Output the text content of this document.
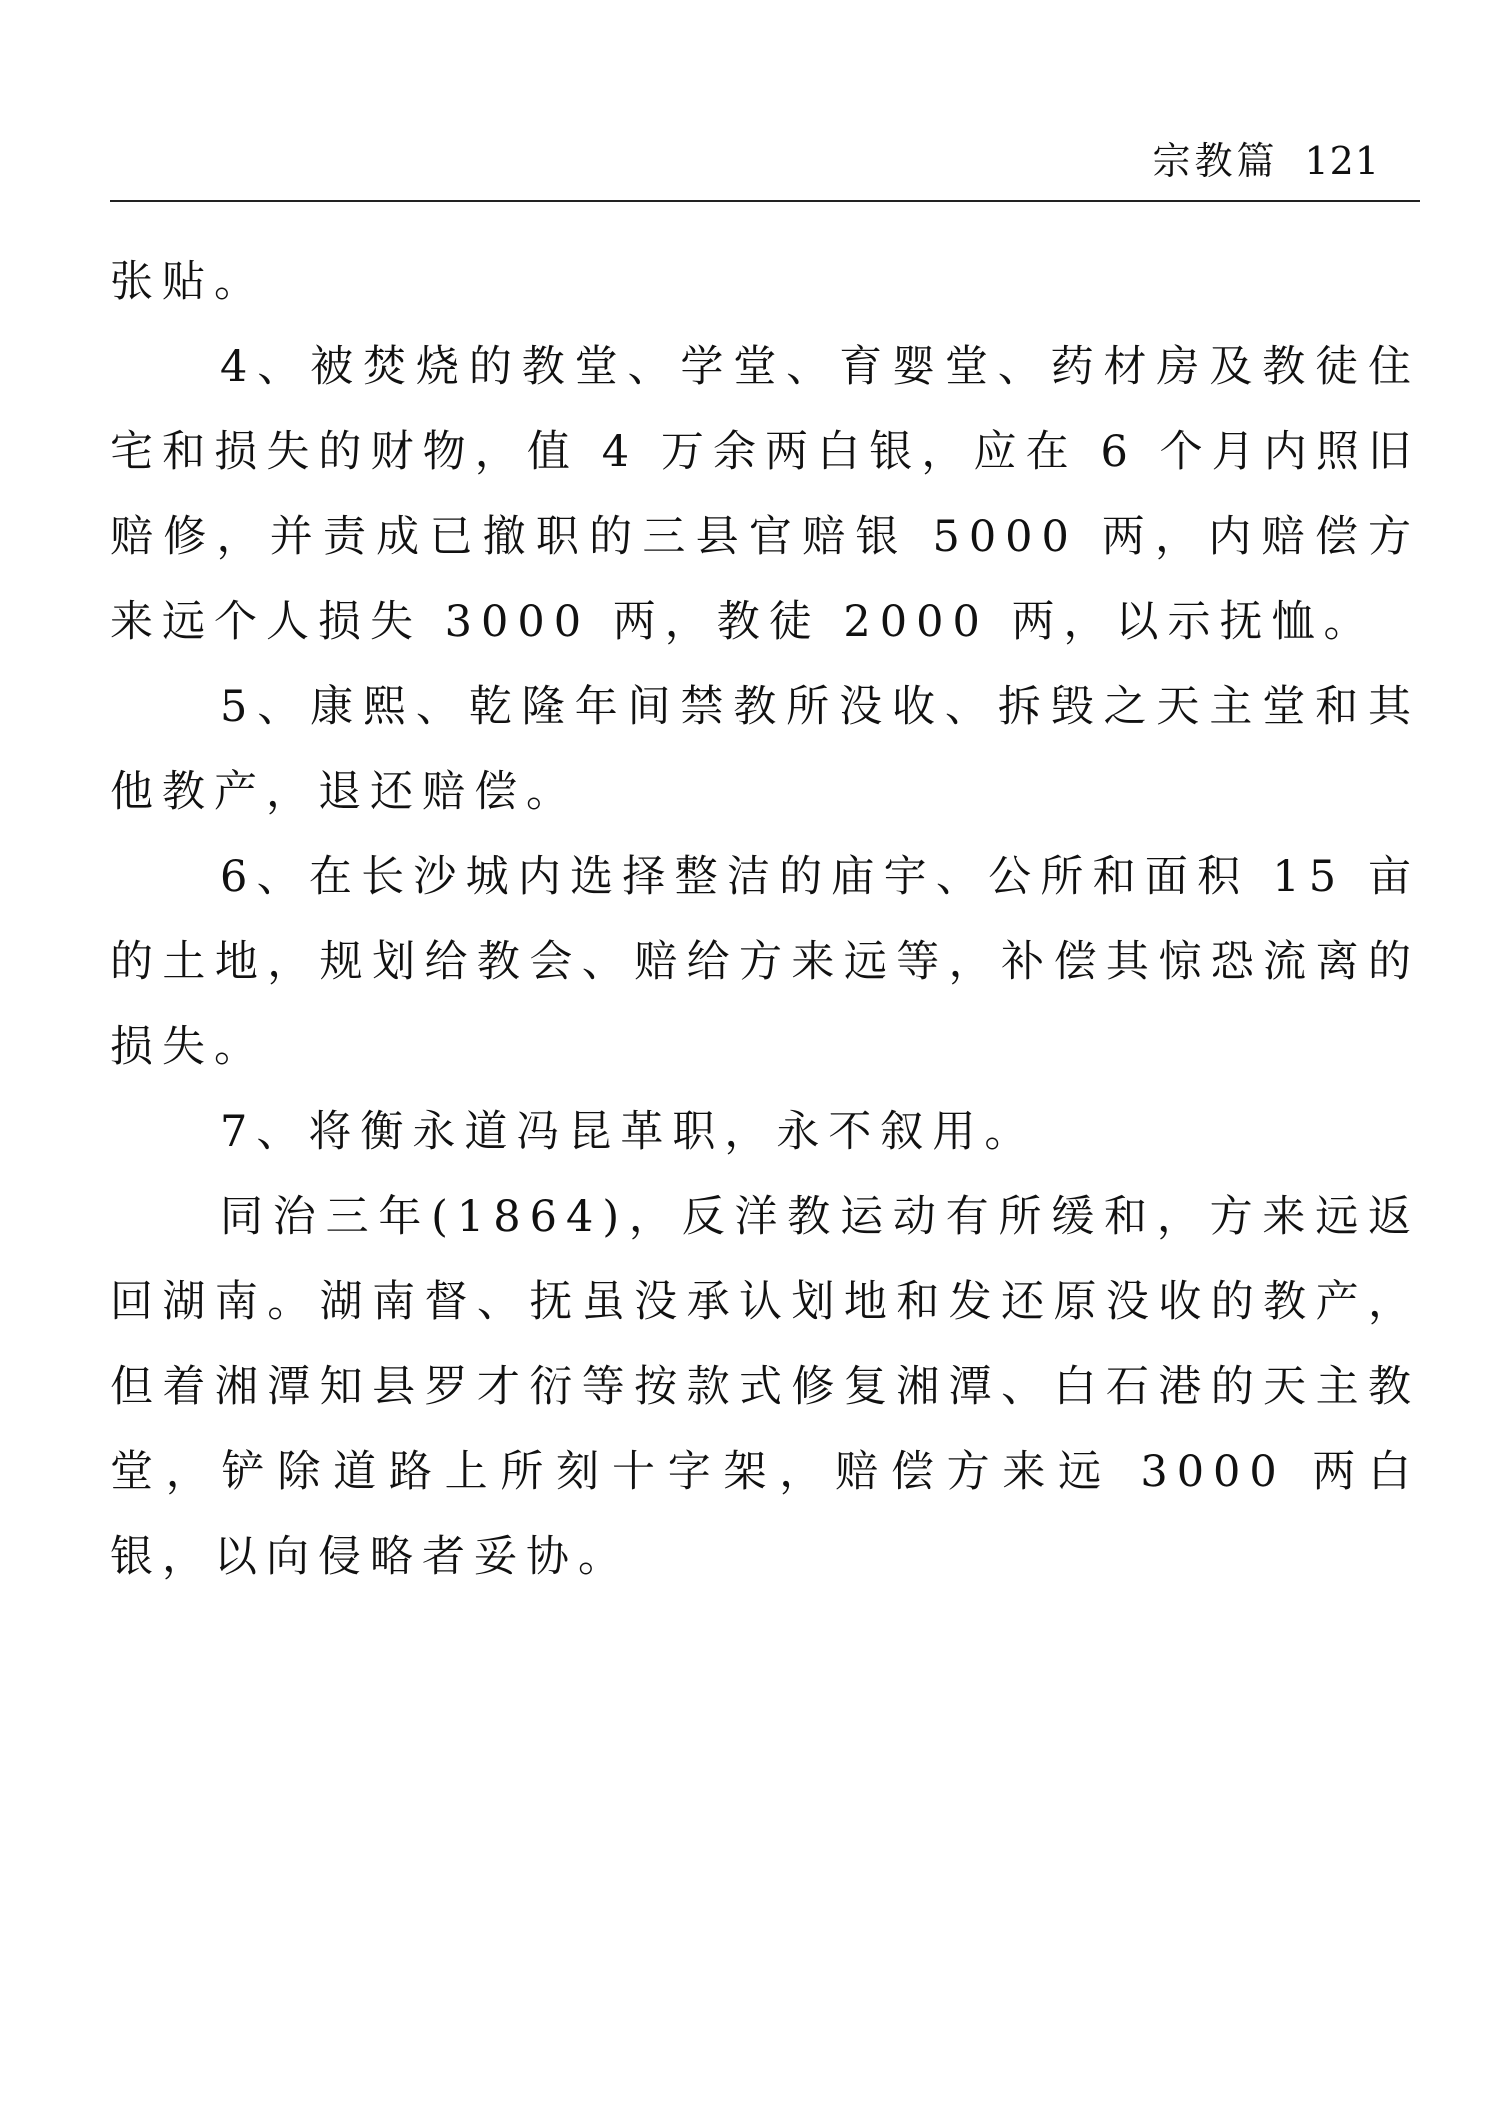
宗教篇 121

张贴。

4、被焚烧的教堂、学堂、育婴堂、药材房及教徒住宅和损失的财物，值 4 万余两白银，应在 6 个月内照旧赔修，并责成已撤职的三县官赔银 5000 两，内赔偿方来远个人损失 3000 两，教徒 2000 两，以示抚恤。

5、康熙、乾隆年间禁教所没收、拆毁之天主堂和其他教产，退还赔偿。

6、在长沙城内选择整洁的庙宇、公所和面积 15 亩的土地，规划给教会、赔给方来远等，补偿其惊恐流离的损失。

7、将衡永道冯昆革职，永不叙用。

同治三年(1864)，反洋教运动有所缓和，方来远返回湖南。湖南督、抚虽没承认划地和发还原没收的教产，但着湘潭知县罗才衍等按款式修复湘潭、白石港的天主教堂，铲除道路上所刻十字架，赔偿方来远 3000 两白银，以向侵略者妥协。
